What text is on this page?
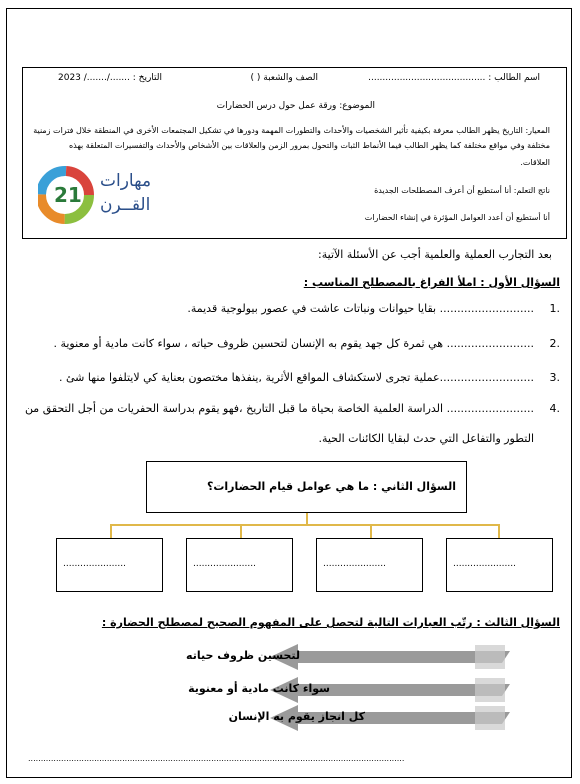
اسم الطالب : .........................................
الصف والشعبة ( )
التاريخ : ......./......./ 2023
الموضوع: ورقة عمل حول درس الحضارات
المعيار: التاريخ يظهر الطالب معرفة بكيفية تأثير الشخصيات والأحداث والتطورات المهمة ودورها في تشكيل المجتمعات الأخرى في المنطقة خلال فترات زمنية
مختلفة وفي مواقع مختلفة كما يظهر الطالب فيما الأنماط الثبات والتحول بمرور الزمن والعلاقات بين الأشخاص والأحداث والتفسيرات المتعلقة بهذه
العلاقات.
ناتج التعلم: أنا أستطيع أن أعرف المصطلحات الجديدة
أنا أستطيع أن أعدد العوامل المؤثرة في إنشاء الحضارات
21
مهارات
القــرن
بعد التجارب العملية والعلمية أجب عن الأسئلة الآتية:
السؤال الأول : املأ الفراغ بالمصطلح المناسب :
.1
........................... بقايا حيوانات ونباتات عاشت في عصور بيولوجية قديمة.
.2
......................... هي ثمرة كل جهد يقوم به الإنسان لتحسين ظروف حياته ، سواء كانت مادية أو معنوية .
.3
...........................عملية تجرى لاستكشاف المواقع الأثرية ,ينفذها مختصون بعناية كي لايتلفوا منها شئ .
.4
......................... الدراسة العلمية الخاصة بحياة ما قبل التاريخ ،فهو يقوم بدراسة الحفريات من أجل التحقق من
التطور والتفاعل التي حدث لبقايا الكائنات الحية.
السؤال الثاني : ما هي عوامل قيام الحضارات؟
......................	......................	......................	......................
السؤال الثالث : رتّب العبارات التالية لتحصل على المفهوم الصحيح لمصطلح الحضارة :
لتحسين ظروف حياته
سواء كانت مادية أو معنوية
كل انجاز يقوم به الإنسان
....................................................................................................................................................
